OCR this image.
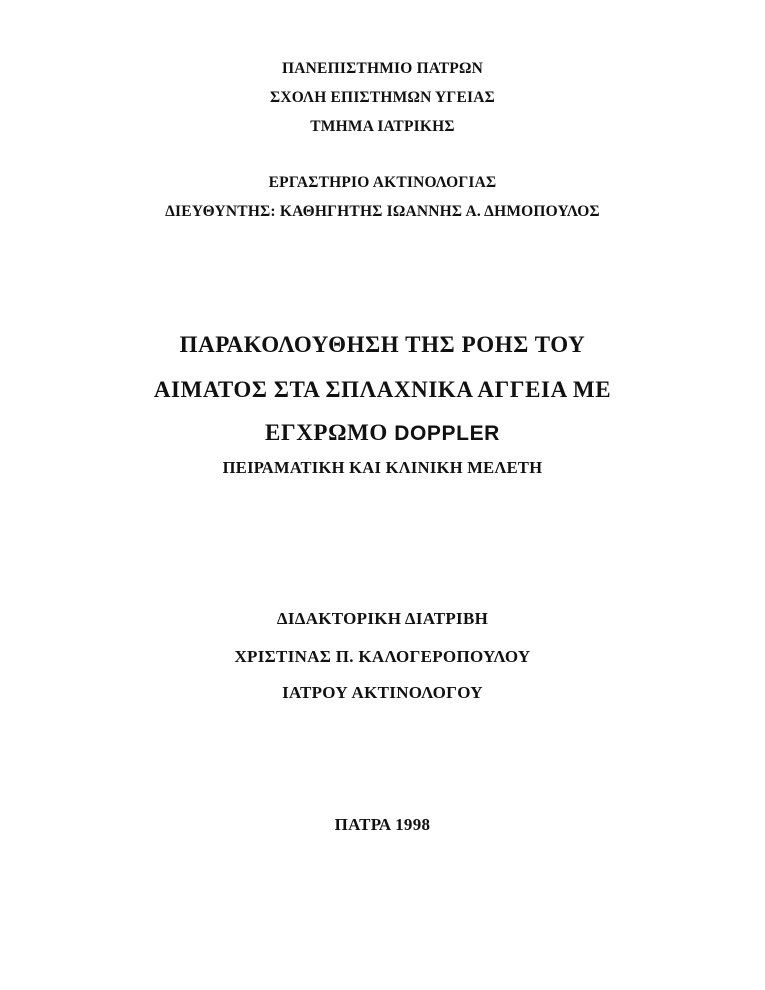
ΠΑΝΕΠΙΣΤΗΜΙΟ ΠΑΤΡΩΝ
ΣΧΟΛΗ ΕΠΙΣΤΗΜΩΝ ΥΓΕΙΑΣ
ΤΜΗΜΑ ΙΑΤΡΙΚΗΣ
ΕΡΓΑΣΤΗΡΙΟ ΑΚΤΙΝΟΛΟΓΙΑΣ
ΔΙΕΥΘΥΝΤΗΣ: ΚΑΘΗΓΗΤΗΣ ΙΩΑΝΝΗΣ Α. ΔΗΜΟΠΟΥΛΟΣ
ΠΑΡΑΚΟΛΟΥΘΗΣΗ ΤΗΣ ΡΟΗΣ ΤΟΥ
ΑΙΜΑΤΟΣ ΣΤΑ ΣΠΛΑΧΝΙΚΑ ΑΓΓΕΙΑ ΜΕ
ΕΓΧΡΩΜΟ DOPPLER
ΠΕΙΡΑΜΑΤΙΚΗ ΚΑΙ ΚΛΙΝΙΚΗ ΜΕΛΕΤΗ
ΔΙΔΑΚΤΟΡΙΚΗ ΔΙΑΤΡΙΒΗ
ΧΡΙΣΤΙΝΑΣ Π. ΚΑΛΟΓΕΡΟΠΟΥΛΟΥ
ΙΑΤΡΟΥ ΑΚΤΙΝΟΛΟΓΟΥ
ΠΑΤΡΑ 1998
